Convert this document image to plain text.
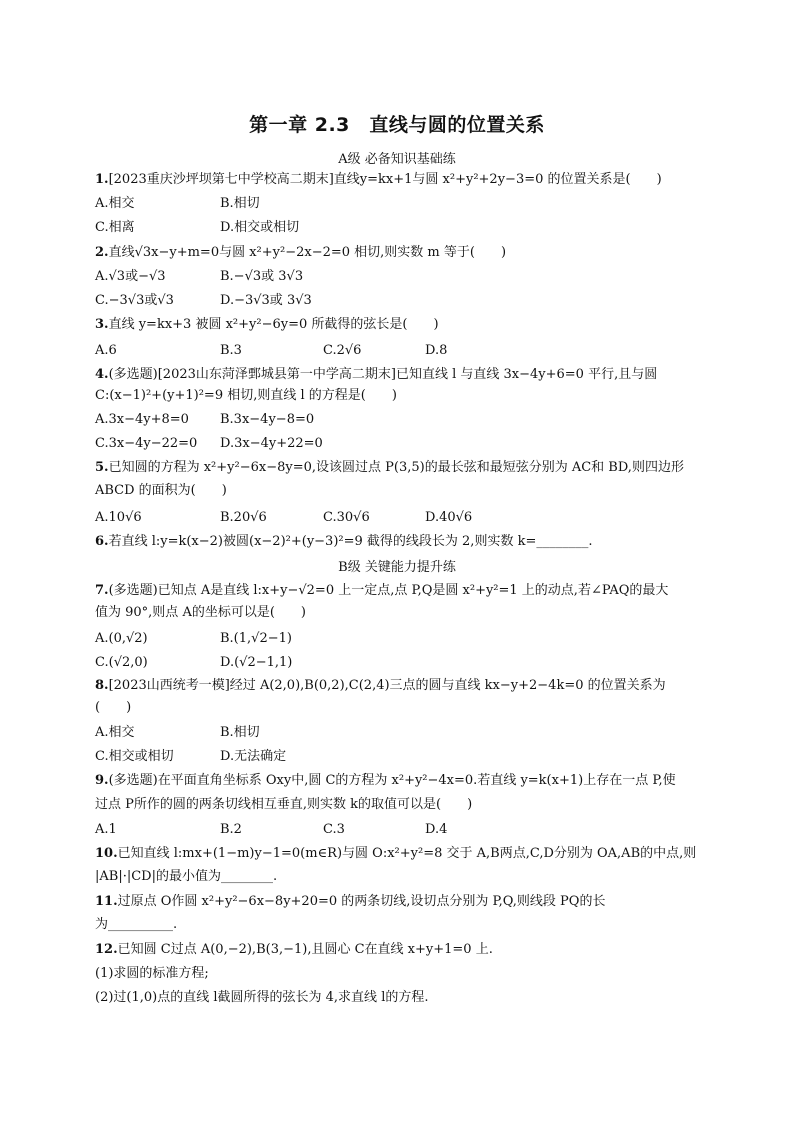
第一章 2.3　直线与圆的位置关系
A级 必备知识基础练
1.[2023重庆沙坪坝第七中学校高二期末]直线y=kx+1与圆 x²+y²+2y−3=0 的位置关系是(　　)
A.相交	B.相切
C.相离	D.相交或相切
2.直线√3x−y+m=0与圆 x²+y²−2x−2=0 相切,则实数 m 等于(　　)
A.√3或−√3	B.−√3或 3√3
C.−3√3或√3	D.−3√3或 3√3
3.直线 y=kx+3 被圆 x²+y²−6y=0 所截得的弦长是(　　)
A.6	B.3	C.2√6	D.8
4.(多选题)[2023山东菏泽鄄城县第一中学高二期末]已知直线 l 与直线 3x−4y+6=0 平行,且与圆
C:(x−1)²+(y+1)²=9 相切,则直线 l 的方程是(　　)
A.3x−4y+8=0 B.3x−4y−8=0
C.3x−4y−22=0 D.3x−4y+22=0
5.已知圆的方程为 x²+y²−6x−8y=0,设该圆过点 P(3,5)的最长弦和最短弦分别为 AC和 BD,则四边形
ABCD 的面积为(　　)
A.10√6	B.20√6	C.30√6	D.40√6
6.若直线 l:y=k(x−2)被圆(x−2)²+(y−3)²=9 截得的线段长为 2,则实数 k=________.
B级 关键能力提升练
7.(多选题)已知点 A是直线 l:x+y−√2=0 上一定点,点 P,Q是圆 x²+y²=1 上的动点,若∠PAQ的最大
值为 90°,则点 A的坐标可以是(　　)
A.(0,√2)	B.(1,√2−1)
C.(√2,0)	D.(√2−1,1)
8.[2023山西统考一模]经过 A(2,0),B(0,2),C(2,4)三点的圆与直线 kx−y+2−4k=0 的位置关系为
(　　)
A.相交	B.相切
C.相交或相切	D.无法确定
9.(多选题)在平面直角坐标系 Oxy中,圆 C的方程为 x²+y²−4x=0.若直线 y=k(x+1)上存在一点 P,使
过点 P所作的圆的两条切线相互垂直,则实数 k的取值可以是(　　)
A.1	B.2	C.3	D.4
10.已知直线 l:mx+(1−m)y−1=0(m∈R)与圆 O:x²+y²=8 交于 A,B两点,C,D分别为 OA,AB的中点,则
|AB|·|CD|的最小值为________.
11.过原点 O作圆 x²+y²−6x−8y+20=0 的两条切线,设切点分别为 P,Q,则线段 PQ的长
为__________.
12.已知圆 C过点 A(0,−2),B(3,−1),且圆心 C在直线 x+y+1=0 上.
(1)求圆的标准方程;
(2)过(1,0)点的直线 l截圆所得的弦长为 4,求直线 l的方程.
